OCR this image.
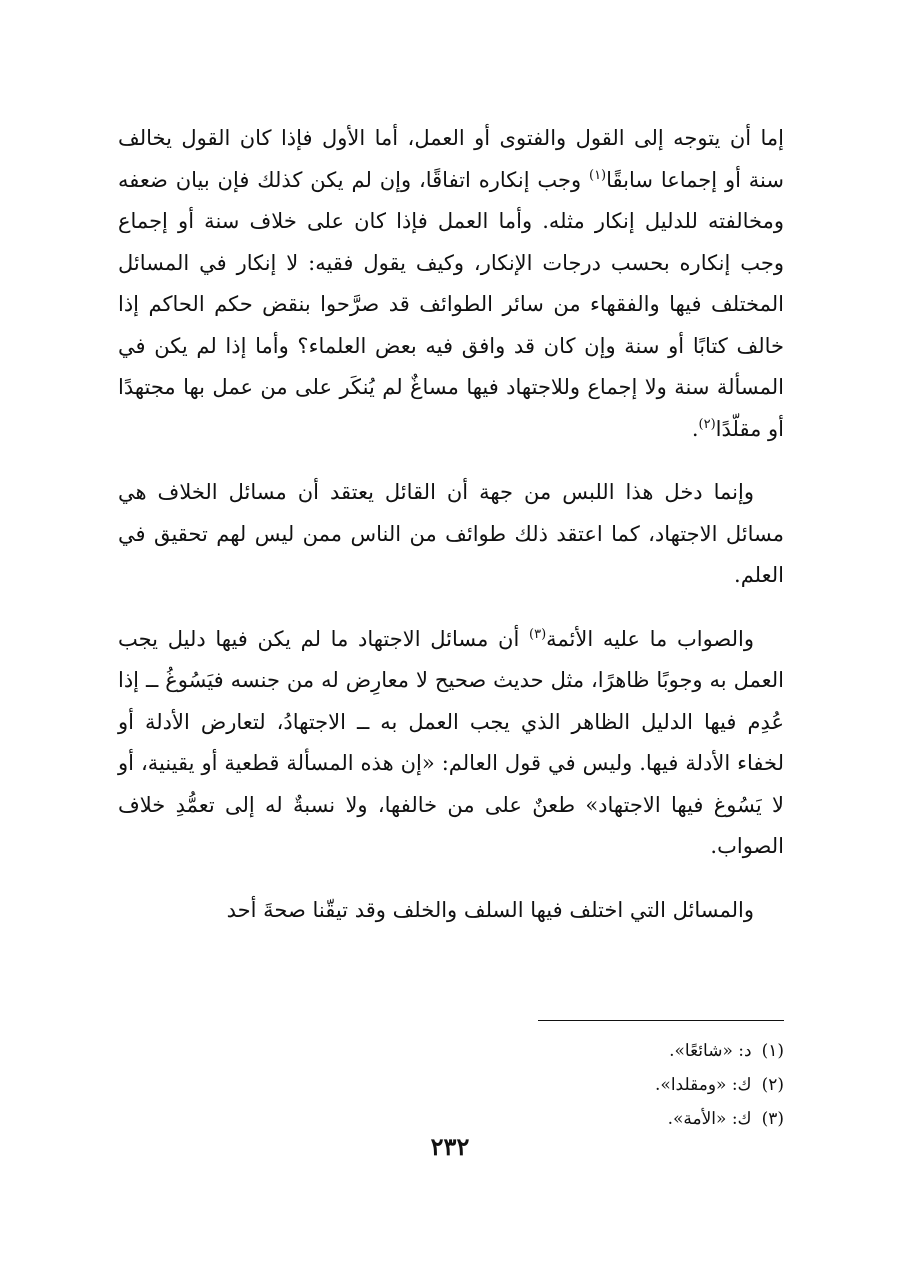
إما أن يتوجه إلى القول والفتوى أو العمل، أما الأول فإذا كان القول يخالف سنة أو إجماعا سابقًا$^{(١)}$ وجب إنكاره اتفاقًا، وإن لم يكن كذلك فإن بيان ضعفه ومخالفته للدليل إنكار مثله. وأما العمل فإذا كان على خلاف سنة أو إجماع وجب إنكاره بحسب درجات الإنكار، وكيف يقول فقيه: لا إنكار في المسائل المختلف فيها والفقهاء من سائر الطوائف قد صرَّحوا بنقض حكم الحاكم إذا خالف كتابًا أو سنة وإن كان قد وافق فيه بعض العلماء؟ وأما إذا لم يكن في المسألة سنة ولا إجماع وللاجتهاد فيها مساغٌ لم يُنكَر على من عمل بها مجتهدًا أو مقلّدًا$^{(٢)}$.

وإنما دخل هذا اللبس من جهة أن القائل يعتقد أن مسائل الخلاف هي مسائل الاجتهاد، كما اعتقد ذلك طوائف من الناس ممن ليس لهم تحقيق في العلم.

والصواب ما عليه الأئمة$^{(٣)}$ أن مسائل الاجتهاد ما لم يكن فيها دليل يجب العمل به وجوبًا ظاهرًا، مثل حديث صحيح لا معارِض له من جنسه فيَسُوغُ ــ إذا عُدِم فيها الدليل الظاهر الذي يجب العمل به ــ الاجتهادُ، لتعارض الأدلة أو لخفاء الأدلة فيها. وليس في قول العالم: «إن هذه المسألة قطعية أو يقينية، أو لا يَسُوغ فيها الاجتهاد» طعنٌ على من خالفها، ولا نسبةٌ له إلى تعمُّدِ خلاف الصواب.

والمسائل التي اختلف فيها السلف والخلف وقد تيقّنا صحةَ أحد

(١)
د: «شائعًا».
(٢)
ك: «ومقلدا».
(٣)
ك: «الأمة».
٢٣٢
